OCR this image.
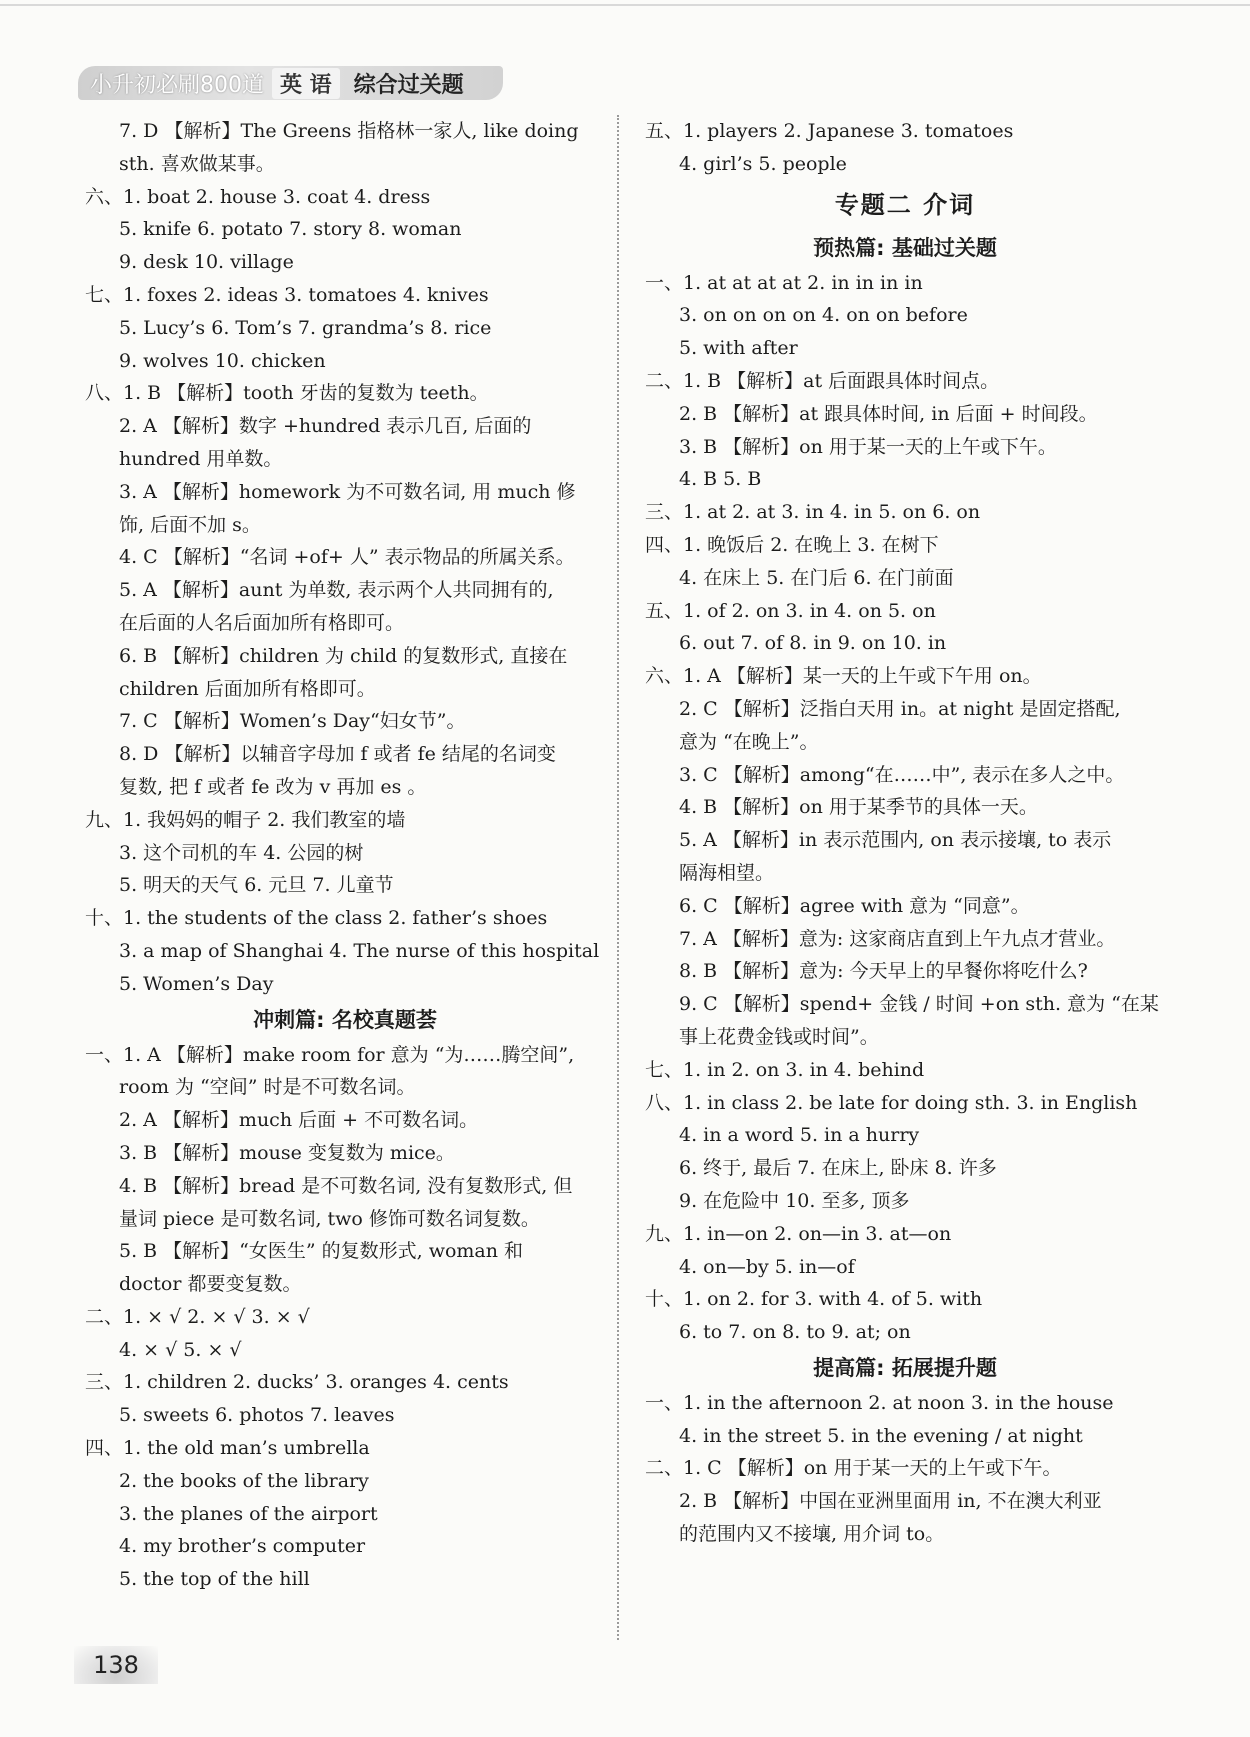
小升初必刷800道 英 语	综合过关题
7. D 【解析】The Greens 指格林一家人, like doing
sth. 喜欢做某事。
六、1. boat 2. house 3. coat 4. dress
5. knife 6. potato 7. story 8. woman
9. desk 10. village
七、1. foxes 2. ideas 3. tomatoes 4. knives
5. Lucy’s 6. Tom’s 7. grandma’s 8. rice
9. wolves 10. chicken
八、1. B 【解析】tooth 牙齿的复数为 teeth。
2. A 【解析】数字 +hundred 表示几百, 后面的
hundred 用单数。
3. A 【解析】homework 为不可数名词, 用 much 修
饰, 后面不加 s。
4. C 【解析】“名词 +of+ 人” 表示物品的所属关系。
5. A 【解析】aunt 为单数, 表示两个人共同拥有的,
在后面的人名后面加所有格即可。
6. B 【解析】children 为 child 的复数形式, 直接在
children 后面加所有格即可。
7. C 【解析】Women’s Day“妇女节”。
8. D 【解析】以辅音字母加 f 或者 fe 结尾的名词变
复数, 把 f 或者 fe 改为 v 再加 es 。
九、1. 我妈妈的帽子 2. 我们教室的墙
3. 这个司机的车 4. 公园的树
5. 明天的天气 6. 元旦 7. 儿童节
十、1. the students of the class 2. father’s shoes
3. a map of Shanghai 4. The nurse of this hospital
5. Women’s Day
冲刺篇: 名校真题荟
一、1. A 【解析】make room for 意为 “为……腾空间”,
room 为 “空间” 时是不可数名词。
2. A 【解析】much 后面 + 不可数名词。
3. B 【解析】mouse 变复数为 mice。
4. B 【解析】bread 是不可数名词, 没有复数形式, 但
量词 piece 是可数名词, two 修饰可数名词复数。
5. B 【解析】“女医生” 的复数形式, woman 和
doctor 都要变复数。
二、1. × √ 2. × √ 3. × √
4. × √ 5. × √
三、1. children 2. ducks’ 3. oranges 4. cents
5. sweets 6. photos 7. leaves
四、1. the old man’s umbrella
2. the books of the library
3. the planes of the airport
4. my brother’s computer
5. the top of the hill
五、1. players 2. Japanese 3. tomatoes
4. girl’s 5. people
专题二 介词
预热篇: 基础过关题
一、1. at at at at 2. in in in in
3. on on on on 4. on on before
5. with after
二、1. B 【解析】at 后面跟具体时间点。
2. B 【解析】at 跟具体时间, in 后面 + 时间段。
3. B 【解析】on 用于某一天的上午或下午。
4. B 5. B
三、1. at 2. at 3. in 4. in 5. on 6. on
四、1. 晚饭后 2. 在晚上 3. 在树下
4. 在床上 5. 在门后 6. 在门前面
五、1. of 2. on 3. in 4. on 5. on
6. out 7. of 8. in 9. on 10. in
六、1. A 【解析】某一天的上午或下午用 on。
2. C 【解析】泛指白天用 in。at night 是固定搭配,
意为 “在晚上”。
3. C 【解析】among“在……中”, 表示在多人之中。
4. B 【解析】on 用于某季节的具体一天。
5. A 【解析】in 表示范围内, on 表示接壤, to 表示
隔海相望。
6. C 【解析】agree with 意为 “同意”。
7. A 【解析】意为: 这家商店直到上午九点才营业。
8. B 【解析】意为: 今天早上的早餐你将吃什么?
9. C 【解析】spend+ 金钱 / 时间 +on sth. 意为 “在某
事上花费金钱或时间”。
七、1. in 2. on 3. in 4. behind
八、1. in class 2. be late for doing sth. 3. in English
4. in a word 5. in a hurry
6. 终于, 最后 7. 在床上, 卧床 8. 许多
9. 在危险中 10. 至多, 顶多
九、1. in—on 2. on—in 3. at—on
4. on—by 5. in—of
十、1. on 2. for 3. with 4. of 5. with
6. to 7. on 8. to 9. at; on
提高篇: 拓展提升题
一、1. in the afternoon 2. at noon 3. in the house
4. in the street 5. in the evening / at night
二、1. C 【解析】on 用于某一天的上午或下午。
2. B 【解析】中国在亚洲里面用 in, 不在澳大利亚
的范围内又不接壤, 用介词 to。
138
